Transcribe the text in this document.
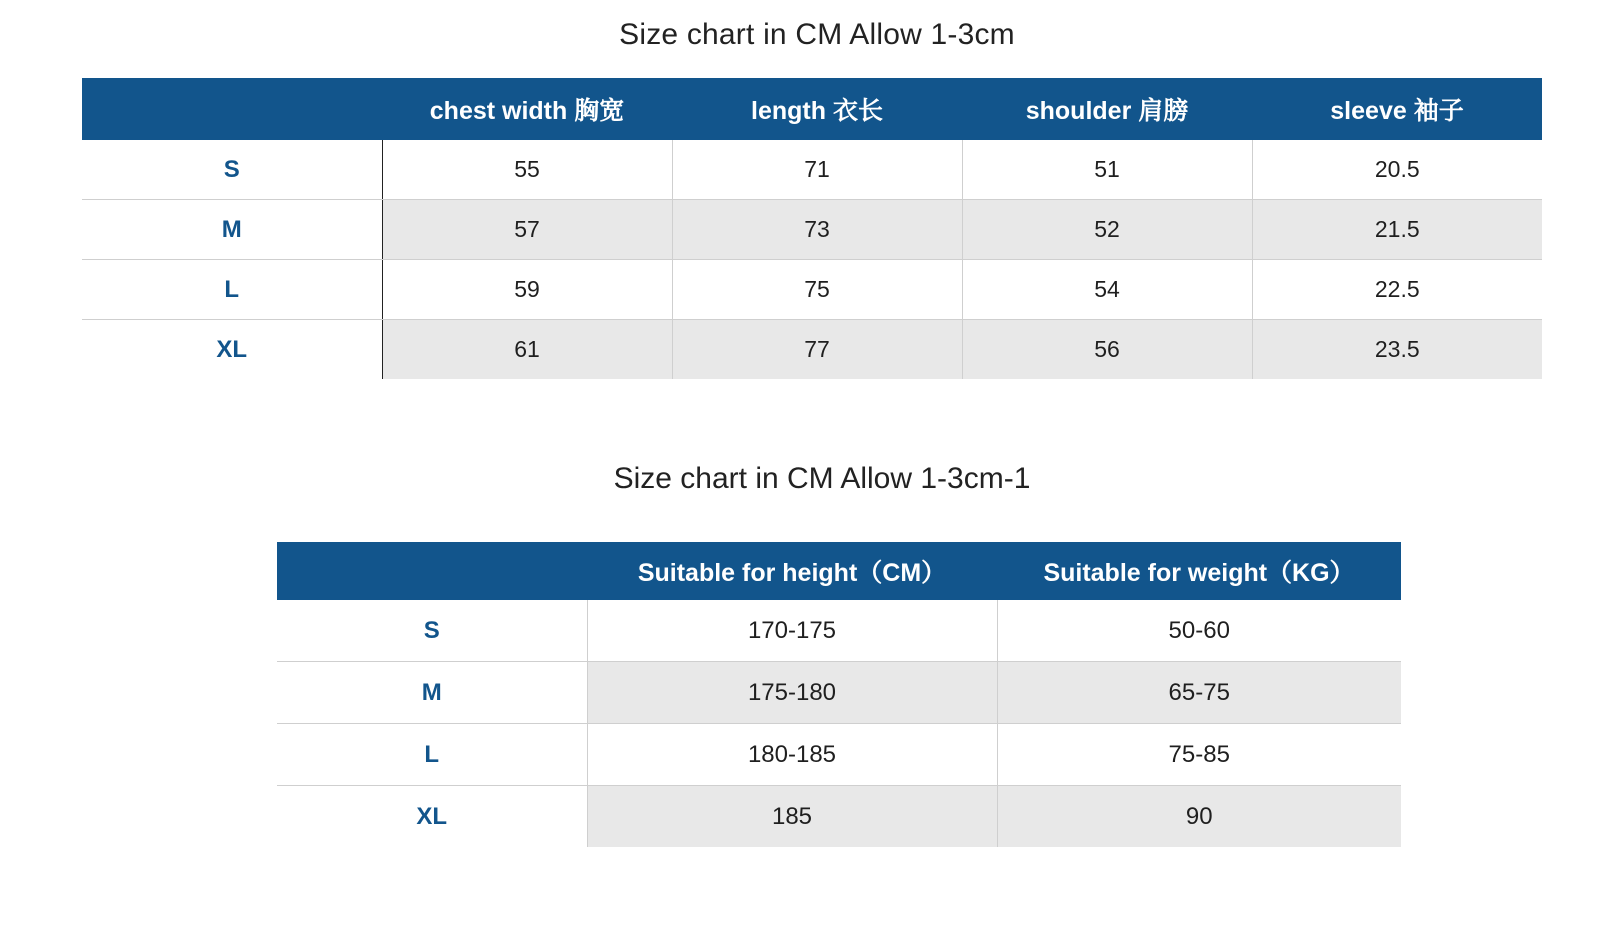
Size chart in CM Allow 1-3cm
	chest width 胸宽	length 衣长	shoulder 肩膀	sleeve 袖子
S	55	71	51	20.5
M	57	73	52	21.5
L	59	75	54	22.5
XL	61	77	56	23.5
Size chart in CM Allow 1-3cm-1
	Suitable for height（CM）	Suitable for weight（KG）
S	170-175	50-60
M	175-180	65-75
L	180-185	75-85
XL	185	90
